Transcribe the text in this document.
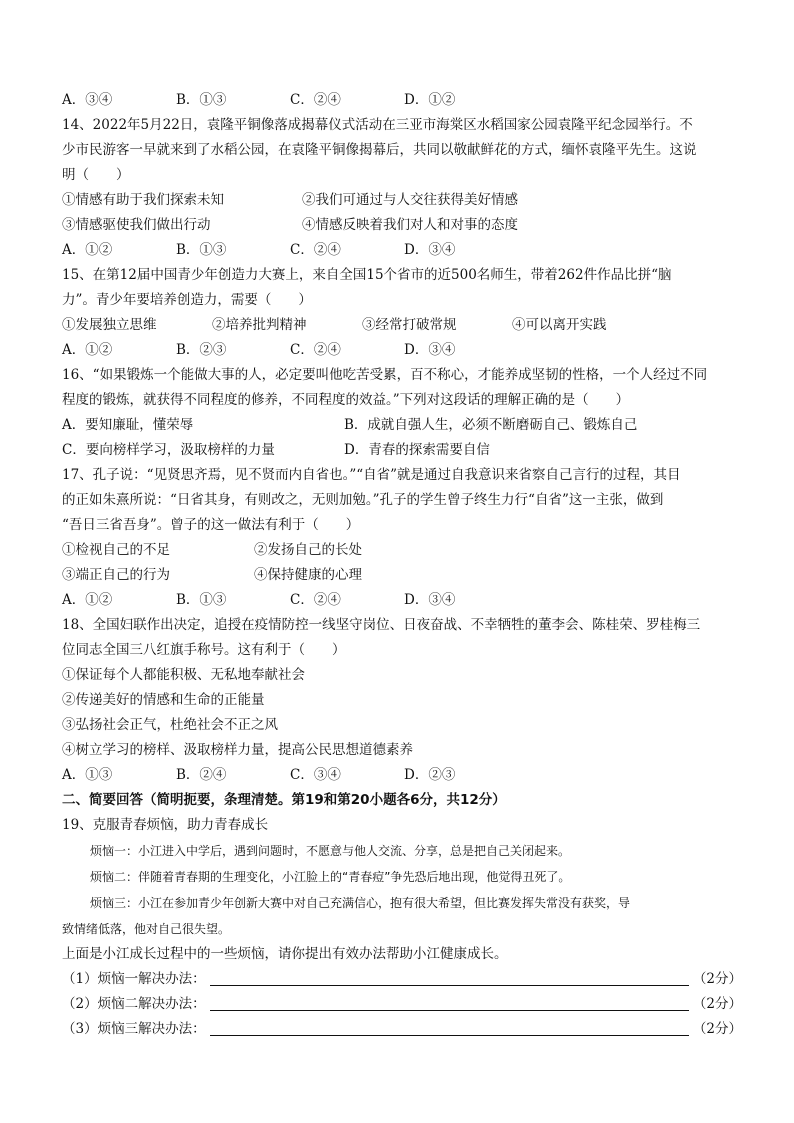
A．③④	B．①③	C．②④	D．①②
14、2022年5月22日，袁隆平铜像落成揭幕仪式活动在三亚市海棠区水稻国家公园袁隆平纪念园举行。不
少市民游客一早就来到了水稻公园，在袁隆平铜像揭幕后，共同以敬献鲜花的方式，缅怀袁隆平先生。这说
明（　　）
①情感有助于我们探索未知	②我们可通过与人交往获得美好情感
③情感驱使我们做出行动	④情感反映着我们对人和对事的态度
A．①②	B．①③	C．②④	D．③④
15、在第12届中国青少年创造力大赛上，来自全国15个省市的近500名师生，带着262件作品比拼“脑
力”。青少年要培养创造力，需要（　　）
①发展独立思维	②培养批判精神	③经常打破常规	④可以离开实践
A．①②	B．②③	C．②④	D．③④
16、“如果锻炼一个能做大事的人，必定要叫他吃苦受累，百不称心，才能养成坚韧的性格，一个人经过不同
程度的锻炼，就获得不同程度的修养，不同程度的效益。”下列对这段话的理解正确的是（　　）
A．要知廉耻，懂荣辱	B．成就自强人生，必须不断磨砺自己、锻炼自己
C．要向榜样学习，汲取榜样的力量	D．青春的探索需要自信
17、孔子说：“见贤思齐焉，见不贤而内自省也。”“自省”就是通过自我意识来省察自己言行的过程，其目
的正如朱熹所说：“日省其身，有则改之，无则加勉。”孔子的学生曾子终生力行“自省”这一主张，做到
“吾日三省吾身”。曾子的这一做法有利于（　　）
①检视自己的不足	②发扬自己的长处
③端正自己的行为	④保持健康的心理
A．①②	B．①③	C．②④	D．③④
18、全国妇联作出决定，追授在疫情防控一线坚守岗位、日夜奋战、不幸牺牲的董李会、陈桂荣、罗桂梅三
位同志全国三八红旗手称号。这有利于（　　）
①保证每个人都能积极、无私地奉献社会
②传递美好的情感和生命的正能量
③弘扬社会正气，杜绝社会不正之风
④树立学习的榜样、汲取榜样力量，提高公民思想道德素养
A．①③	B．②④	C．③④	D．②③
二、简要回答（简明扼要，条理清楚。第19和第20小题各6分，共12分）
19、克服青春烦恼，助力青春成长
烦恼一：小江进入中学后，遇到问题时，不愿意与他人交流、分享，总是把自己关闭起来。
烦恼二：伴随着青春期的生理变化，小江脸上的“青春痘”争先恐后地出现，他觉得丑死了。
烦恼三：小江在参加青少年创新大赛中对自己充满信心，抱有很大希望，但比赛发挥失常没有获奖，导
致情绪低落，他对自己很失望。
上面是小江成长过程中的一些烦恼，请你提出有效办法帮助小江健康成长。
（1）烦恼一解决办法：	（2分）
（2）烦恼二解决办法：	（2分）
（3）烦恼三解决办法：	（2分）
